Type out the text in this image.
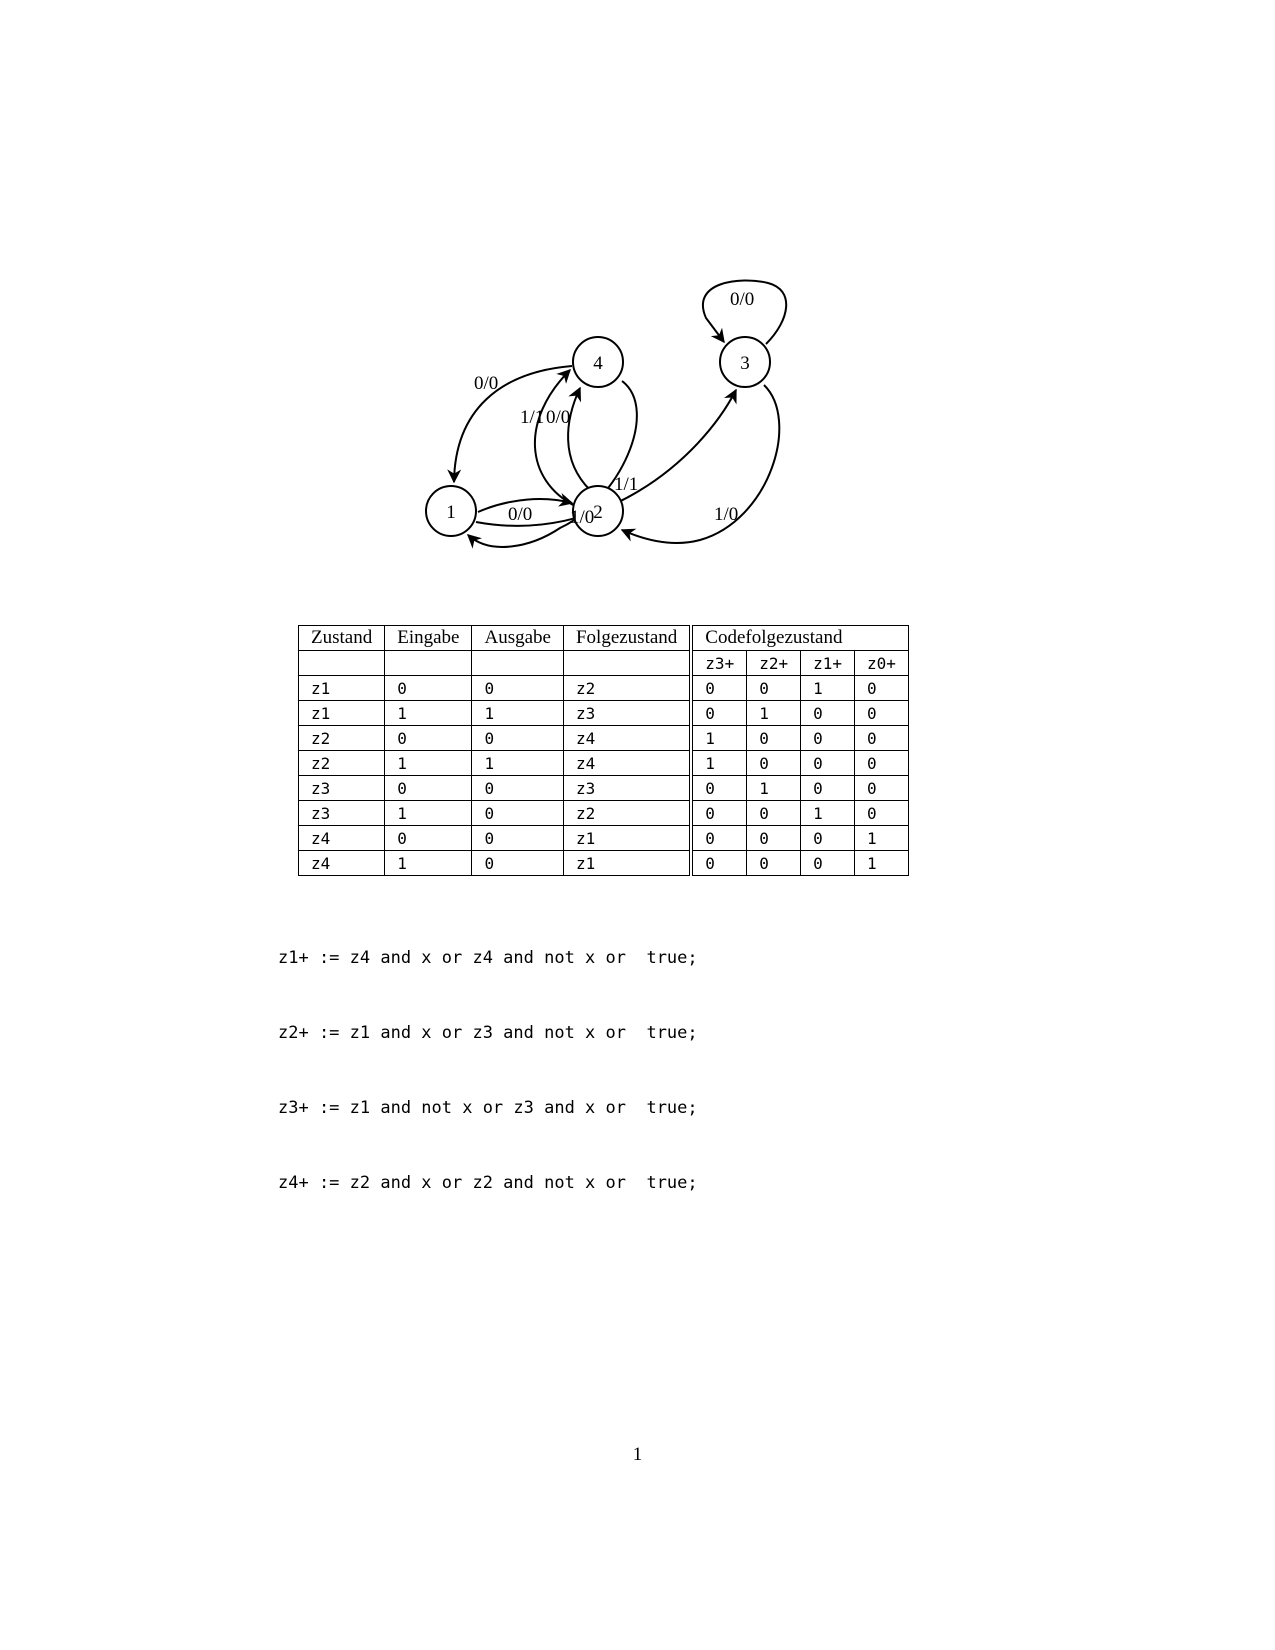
1
4	3
2
0/0
0/0
1/1 0/0
0/0
1/1
1/0	1/0
Zustand	Eingabe	Ausgabe	Folgezustand	Codefolgezustand			
				z3+	z2+	z1+	z0+
z1	0	0	z2	0	0	1	0
z1	1	1	z3	0	1	0	0
z2	0	0	z4	1	0	0	0
z2	1	1	z4	1	0	0	0
z3	0	0	z3	0	1	0	0
z3	1	0	z2	0	0	1	0
z4	0	0	z1	0	0	0	1
z4	1	0	z1	0	0	0	1

z1+ := z4 and x or z4 and not x or  true;

z2+ := z1 and x or z3 and not x or  true;

z3+ := z1 and not x or z3 and x or  true;

z4+ := z2 and x or z2 and not x or  true;

1
